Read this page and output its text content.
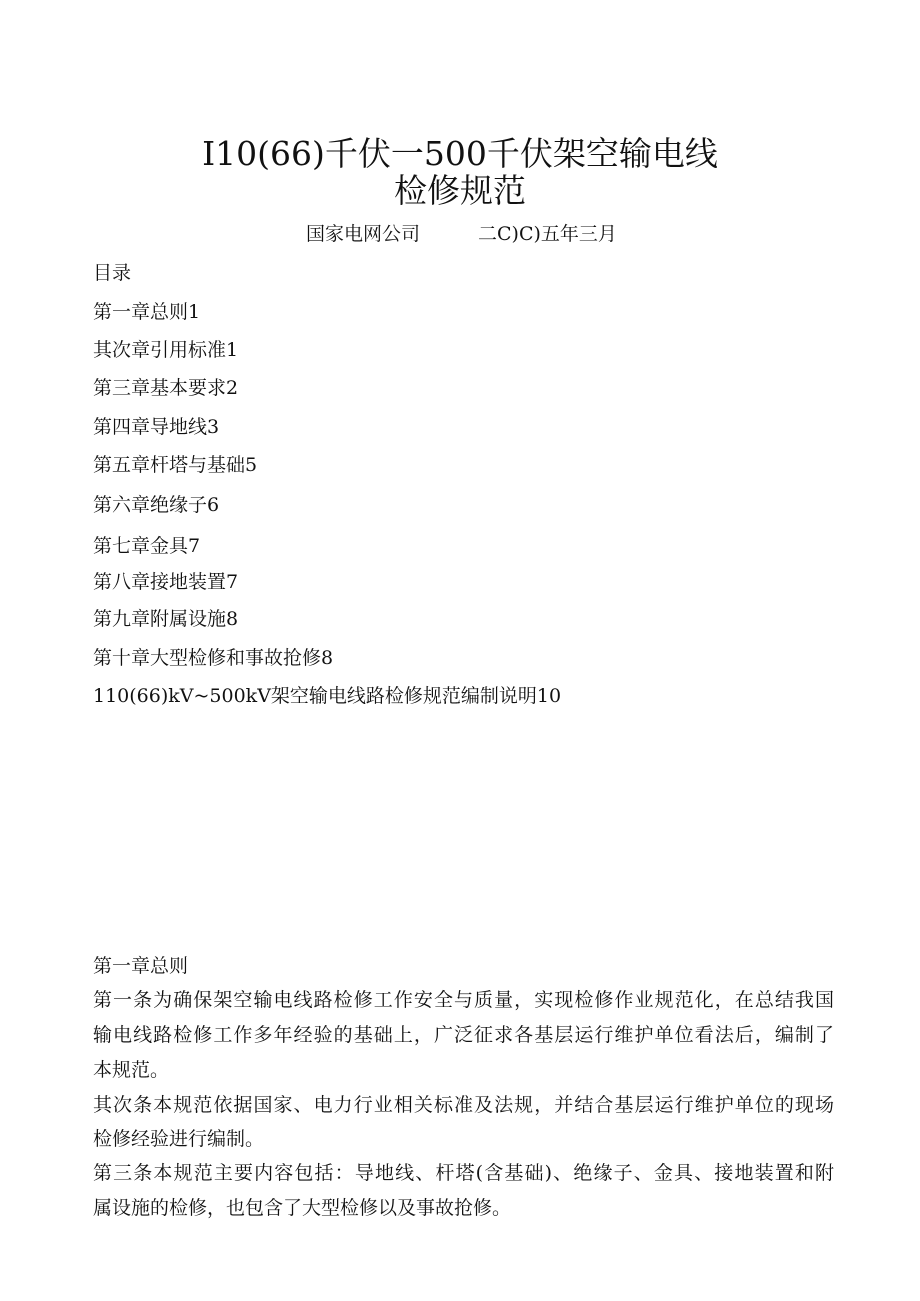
I10(66)千伏一500千伏架空输电线
检修规范
国家电网公司	二C)C)五年三月
目录
第一章总则1
其次章引用标准1
第三章基本要求2
第四章导地线3
第五章杆塔与基础5
第六章绝缘子6
第七章金具7
第八章接地装置7
第九章附属设施8
第十章大型检修和事故抢修8
110(66)kV~500kV架空输电线路检修规范编制说明10
第一章总则
第一条为确保架空输电线路检修工作安全与质量，实现检修作业规范化，在总结我国
输电线路检修工作多年经验的基础上，广泛征求各基层运行维护单位看法后，编制了
本规范。
其次条本规范依据国家、电力行业相关标准及法规，并结合基层运行维护单位的现场
检修经验进行编制。
第三条本规范主要内容包括：导地线、杆塔(含基础)、绝缘子、金具、接地装置和附
属设施的检修，也包含了大型检修以及事故抢修。
